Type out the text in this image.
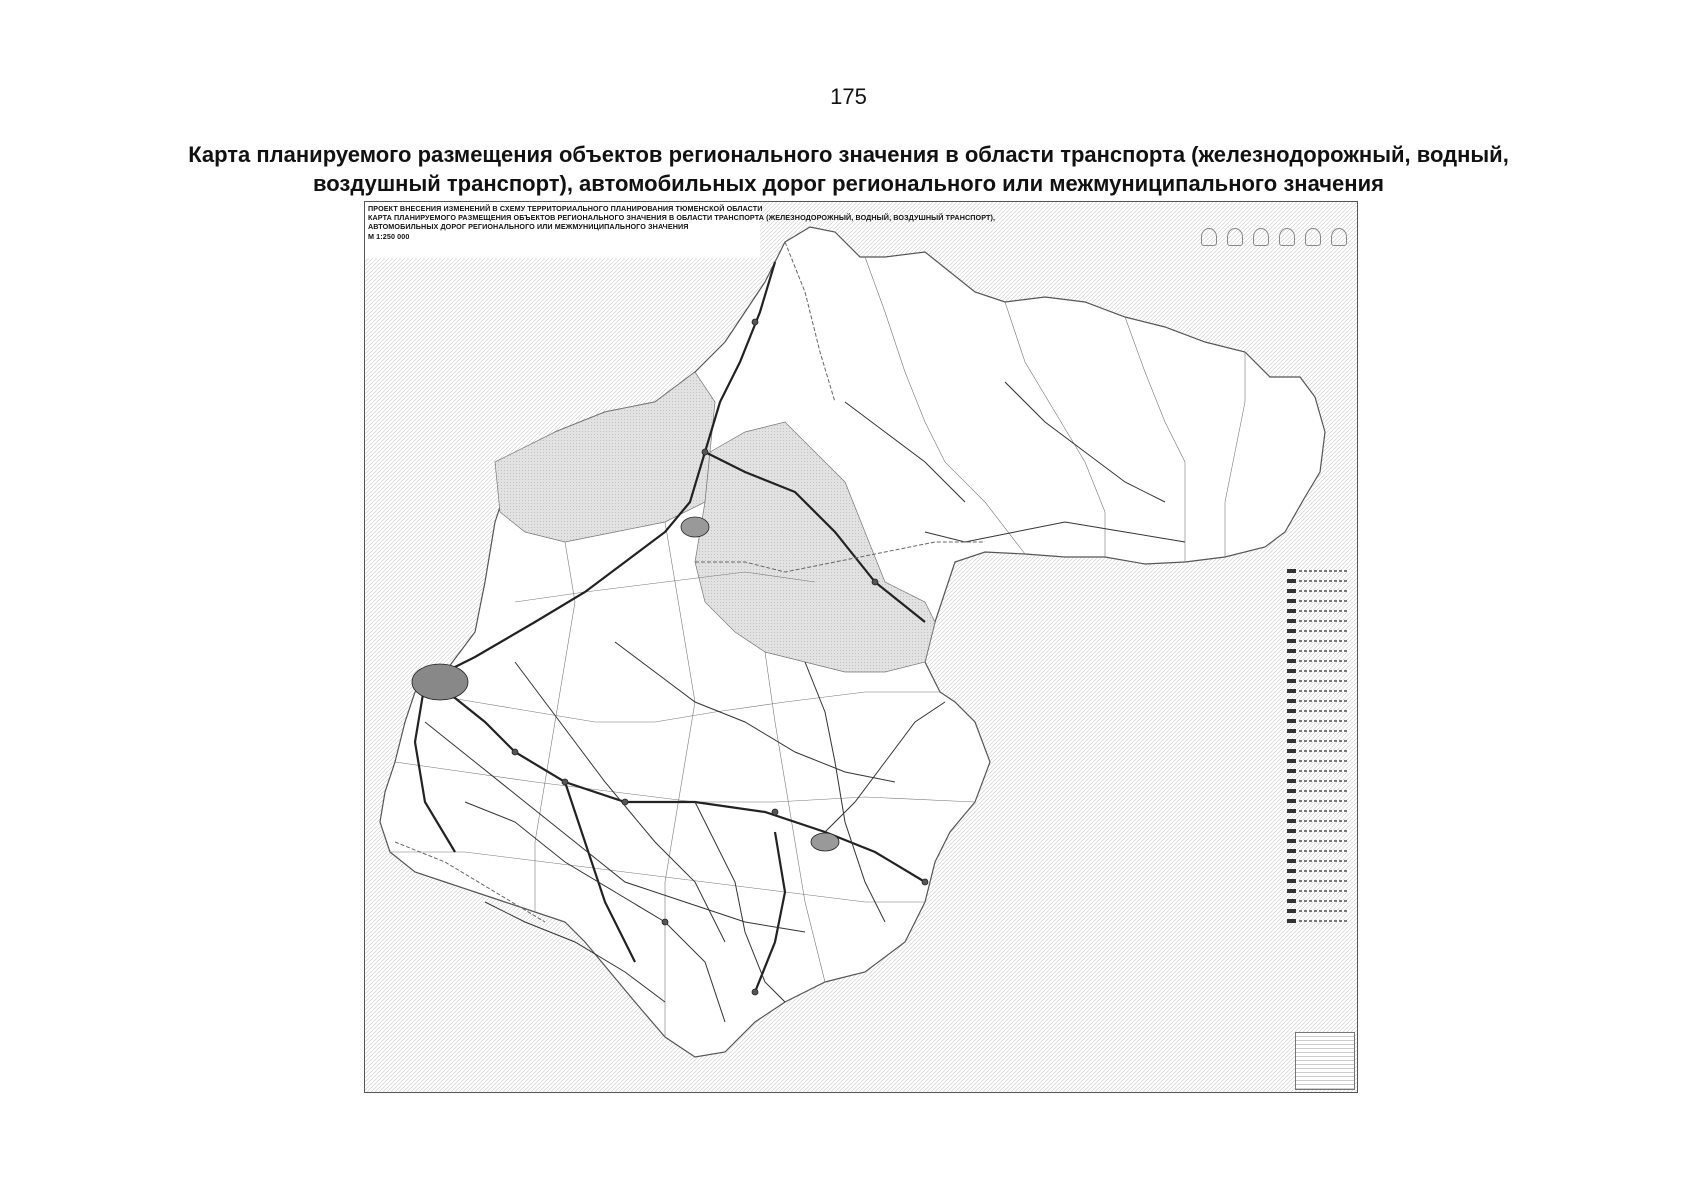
175
Карта планируемого размещения объектов регионального значения в области транспорта (железнодорожный, водный,
воздушный транспорт), автомобильных дорог регионального или межмуниципального значения
ПРОЕКТ ВНЕСЕНИЯ ИЗМЕНЕНИЙ В СХЕМУ ТЕРРИТОРИАЛЬНОГО ПЛАНИРОВАНИЯ ТЮМЕНСКОЙ ОБЛАСТИ
КАРТА ПЛАНИРУЕМОГО РАЗМЕЩЕНИЯ ОБЪЕКТОВ РЕГИОНАЛЬНОГО ЗНАЧЕНИЯ В ОБЛАСТИ ТРАНСПОРТА (ЖЕЛЕЗНОДОРОЖНЫЙ, ВОДНЫЙ, ВОЗДУШНЫЙ ТРАНСПОРТ),
АВТОМОБИЛЬНЫХ ДОРОГ РЕГИОНАЛЬНОГО ИЛИ МЕЖМУНИЦИПАЛЬНОГО ЗНАЧЕНИЯ
М 1:250 000
